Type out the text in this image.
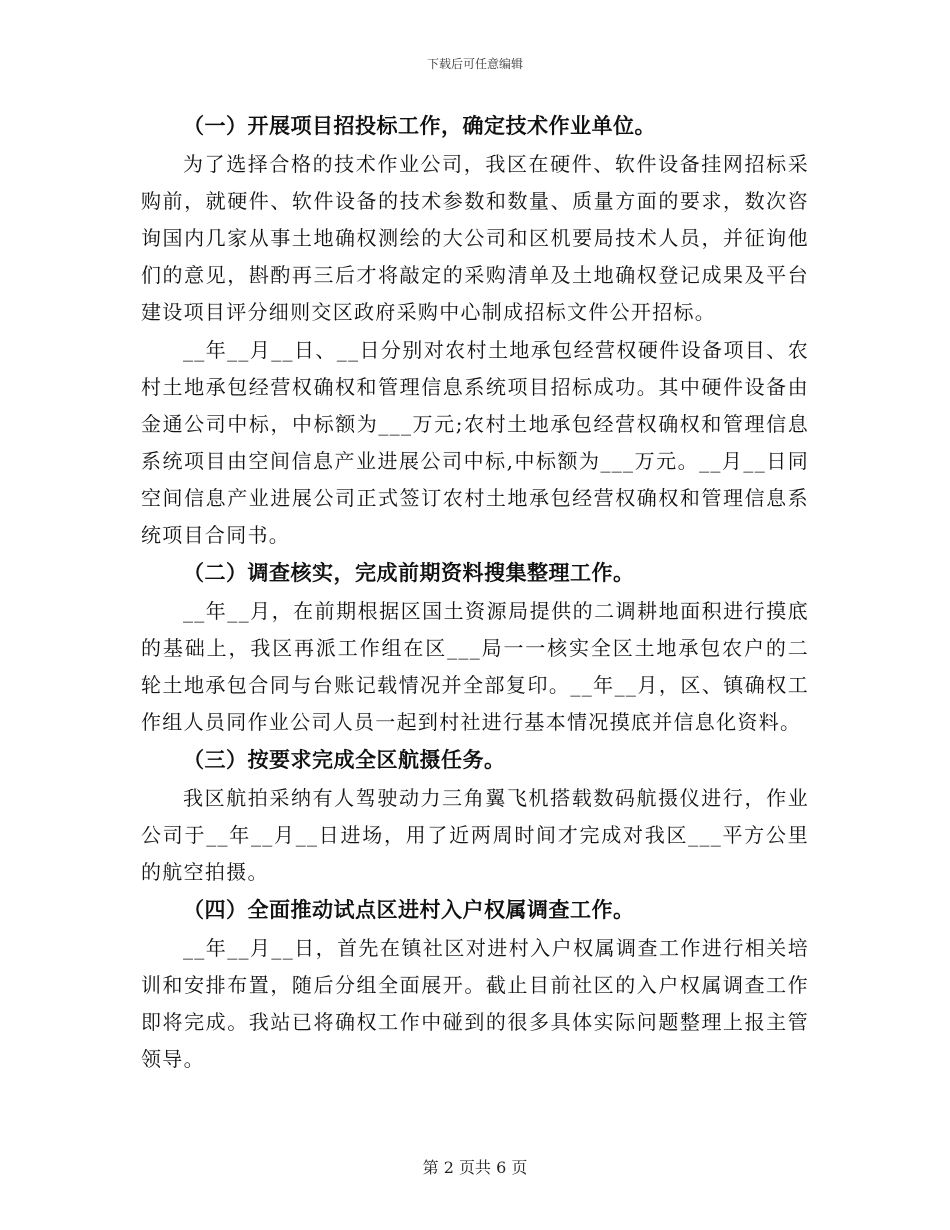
下载后可任意编辑
（一）开展项目招投标工作，确定技术作业单位。
为了选择合格的技术作业公司，我区在硬件、软件设备挂网招标采购前，就硬件、软件设备的技术参数和数量、质量方面的要求，数次咨询国内几家从事土地确权测绘的大公司和区机要局技术人员，并征询他们的意见，斟酌再三后才将敲定的采购清单及土地确权登记成果及平台建设项目评分细则交区政府采购中心制成招标文件公开招标。
__年__月__日、__日分别对农村土地承包经营权硬件设备项目、农村土地承包经营权确权和管理信息系统项目招标成功。其中硬件设备由金通公司中标，中标额为___万元;农村土地承包经营权确权和管理信息系统项目由空间信息产业进展公司中标,中标额为___万元。__月__日同空间信息产业进展公司正式签订农村土地承包经营权确权和管理信息系统项目合同书。
（二）调查核实，完成前期资料搜集整理工作。
__年__月，在前期根据区国土资源局提供的二调耕地面积进行摸底的基础上，我区再派工作组在区___局一一核实全区土地承包农户的二轮土地承包合同与台账记载情况并全部复印。__年__月，区、镇确权工作组人员同作业公司人员一起到村社进行基本情况摸底并信息化资料。
（三）按要求完成全区航摄任务。
我区航拍采纳有人驾驶动力三角翼飞机搭载数码航摄仪进行，作业公司于__年__月__日进场，用了近两周时间才完成对我区___平方公里的航空拍摄。
（四）全面推动试点区进村入户权属调查工作。
__年__月__日，首先在镇社区对进村入户权属调查工作进行相关培训和安排布置，随后分组全面展开。截止目前社区的入户权属调查工作即将完成。我站已将确权工作中碰到的很多具体实际问题整理上报主管领导。
第 2 页共 6 页
